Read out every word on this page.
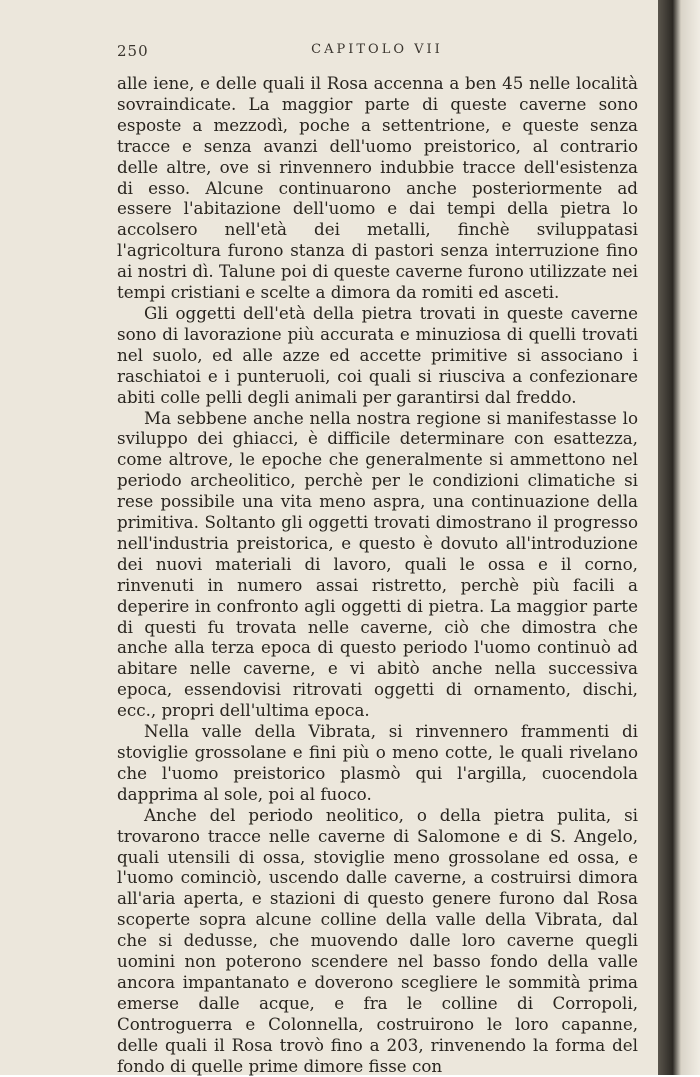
250	CAPITOLO VII

alle iene, e delle quali il Rosa accenna a ben 45 nelle località sovraindicate. La maggior parte di queste caverne sono esposte a mezzodì, poche a settentrione, e queste senza tracce e senza avanzi dell'uomo preistorico, al contrario delle altre, ove si rinvennero indubbie tracce dell'esistenza di esso. Alcune continuarono anche posteriormente ad essere l'abitazione dell'uomo e dai tempi della pietra lo accolsero nell'età dei metalli, finchè sviluppatasi l'agricoltura furono stanza di pastori senza interruzione fino ai nostri dì. Talune poi di queste caverne furono utilizzate nei tempi cristiani e scelte a dimora da romiti ed asceti.

Gli oggetti dell'età della pietra trovati in queste caverne sono di lavorazione più accurata e minuziosa di quelli trovati nel suolo, ed alle azze ed accette primitive si associano i raschiatoi e i punteruoli, coi quali si riusciva a confezionare abiti colle pelli degli animali per garantirsi dal freddo.

Ma sebbene anche nella nostra regione si manifestasse lo sviluppo dei ghiacci, è difficile determinare con esattezza, come altrove, le epoche che generalmente si ammettono nel periodo archeolitico, perchè per le condizioni climatiche si rese possibile una vita meno aspra, una continuazione della primitiva. Soltanto gli oggetti trovati dimostrano il progresso nell'industria preistorica, e questo è dovuto all'introduzione dei nuovi materiali di lavoro, quali le ossa e il corno, rinvenuti in numero assai ristretto, perchè più facili a deperire in confronto agli oggetti di pietra. La maggior parte di questi fu trovata nelle caverne, ciò che dimostra che anche alla terza epoca di questo periodo l'uomo continuò ad abitare nelle caverne, e vi abitò anche nella successiva epoca, essendovisi ritrovati oggetti di ornamento, dischi, ecc., propri dell'ultima epoca.

Nella valle della Vibrata, si rinvennero frammenti di stoviglie grossolane e fini più o meno cotte, le quali rivelano che l'uomo preistorico plasmò qui l'argilla, cuocendola dapprima al sole, poi al fuoco.

Anche del periodo neolitico, o della pietra pulita, si trovarono tracce nelle caverne di Salomone e di S. Angelo, quali utensili di ossa, stoviglie meno grossolane ed ossa, e l'uomo cominciò, uscendo dalle caverne, a costruirsi dimora all'aria aperta, e stazioni di questo genere furono dal Rosa scoperte sopra alcune colline della valle della Vibrata, dal che si dedusse, che muovendo dalle loro caverne quegli uomini non poterono scendere nel basso fondo della valle ancora impantanato e doverono scegliere le sommità prima emerse dalle acque, e fra le colline di Corropoli, Controguerra e Colonnella, costruirono le loro capanne, delle quali il Rosa trovò fino a 203, rinvenendo la forma del fondo di quelle prime dimore fisse con
